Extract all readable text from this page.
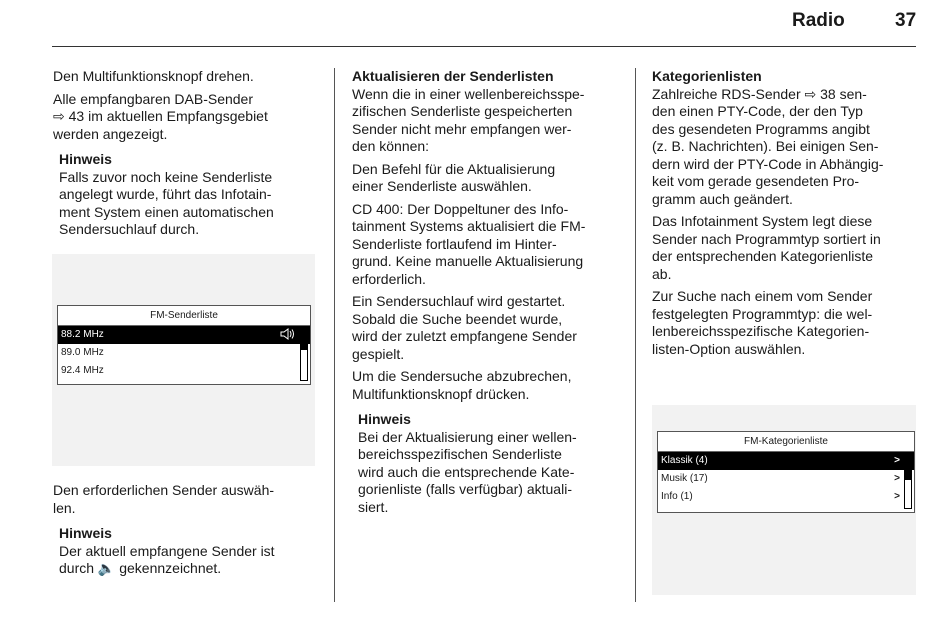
Radio	37

Den Multifunktionsknopf drehen.

Alle empfangbaren DAB-Sender
⇨ 43 im aktuellen Empfangsgebiet
werden angezeigt.

Hinweis
Falls zuvor noch keine Senderliste
angelegt wurde, führt das Infotain-
ment System einen automatischen
Sendersuchlauf durch.
FM-Senderliste
88.2 MHz
89.0 MHz
92.4 MHz

Den erforderlichen Sender auswäh-
len.

Hinweis
Der aktuell empfangene Sender ist
durch 🔈 gekennzeichnet.
Aktualisieren der Senderlisten

Wenn die in einer wellenbereichsspe-
zifischen Senderliste gespeicherten
Sender nicht mehr empfangen wer-
den können:

Den Befehl für die Aktualisierung
einer Senderliste auswählen.

CD 400: Der Doppeltuner des Info-
tainment Systems aktualisiert die FM-
Senderliste fortlaufend im Hinter-
grund. Keine manuelle Aktualisierung
erforderlich.

Ein Sendersuchlauf wird gestartet.
Sobald die Suche beendet wurde,
wird der zuletzt empfangene Sender
gespielt.

Um die Sendersuche abzubrechen,
Multifunktionsknopf drücken.

Hinweis
Bei der Aktualisierung einer wellen-
bereichsspezifischen Senderliste
wird auch die entsprechende Kate-
gorienliste (falls verfügbar) aktuali-
siert.
Kategorienlisten

Zahlreiche RDS-Sender ⇨ 38 sen-
den einen PTY-Code, der den Typ
des gesendeten Programms angibt
(z. B. Nachrichten). Bei einigen Sen-
dern wird der PTY-Code in Abhängig-
keit vom gerade gesendeten Pro-
gramm auch geändert.

Das Infotainment System legt diese
Sender nach Programmtyp sortiert in
der entsprechenden Kategorienliste
ab.

Zur Suche nach einem vom Sender
festgelegten Programmtyp: die wel-
lenbereichsspezifische Kategorien-
listen-Option auswählen.

FM-Kategorienliste
Klassik (4)	>
Musik (17)	>
Info (1)	>
